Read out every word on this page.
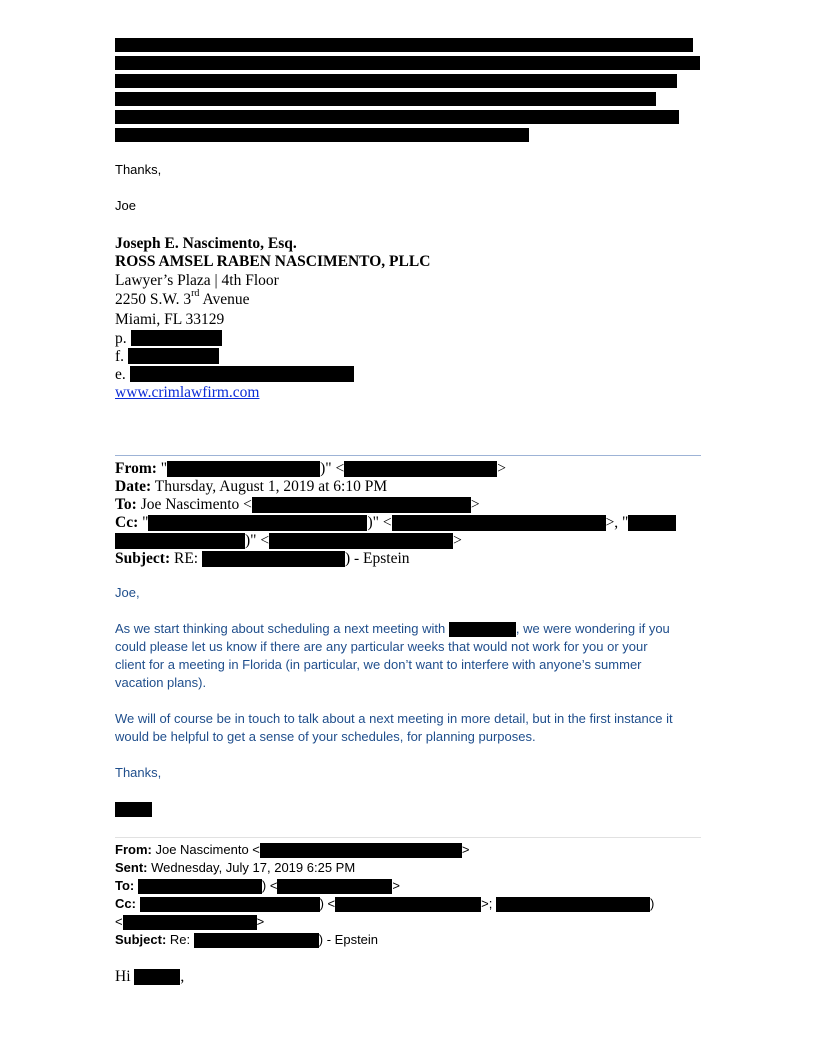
Thanks,
Joe
Joseph E. Nascimento, Esq.
ROSS AMSEL RABEN NASCIMENTO, PLLC
Lawyer’s Plaza | 4th Floor
2250 S.W. 3rd Avenue
Miami, FL 33129
p.
f.
e.
www.crimlawfirm.com
From: "	)" <	>
Date: Thursday, August 1, 2019 at 6:10 PM
To: Joe Nascimento <	>
Cc: "	)" <	>, "
)" <	>
Subject: RE:	) - Epstein
Joe,
As we start thinking about scheduling a next meeting with	, we were wondering if you
could please let us know if there are any particular weeks that would not work for you or your
client for a meeting in Florida (in particular, we don’t want to interfere with anyone’s summer
vacation plans).
We will of course be in touch to talk about a next meeting in more detail, but in the first instance it
would be helpful to get a sense of your schedules, for planning purposes.
Thanks,
From: Joe Nascimento <	>
Sent: Wednesday, July 17, 2019 6:25 PM
To:	) <	>
Cc:	) <	>;	)
<	>
Subject: Re:	) - Epstein
Hi	,
